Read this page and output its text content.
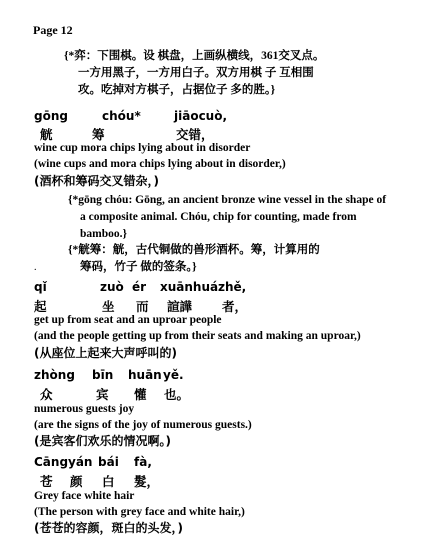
Page 12
{*弈：下围棋。设 棋盘，上画纵横线，361交叉点。
一方用黑子，一方用白子。双方用棋 子 互相围
攻。吃掉对方棋子，占据位子 多的胜。}
gōng	chóu*	jiāocuò,
觥	筹	交错，
wine cup mora chips lying about in disorder
(wine cups and mora chips lying about in disorder,)
(酒杯和筹码交叉错杂，)
{*gōng chóu: Gōng, an ancient bronze wine vessel in the shape of
a composite animal. Chóu, chip for counting, made from
bamboo.}
{*觥筹：觥，古代铜做的兽形酒杯。筹，计算用的
筹码，竹子 做的签条。}
.
qǐ	zuò ér xuānhuá zhě,
起	坐 而 諠譁 者，
get up from seat and an uproar people
(and the people getting up from their seats and making an uproar,)
(从座位上起来大声呼叫的)
zhòng bīn huān yě.
众	宾 懽 也。
numerous guests joy
(are the signs of the joy of numerous guests.)
(是宾客们欢乐的情况啊。)
Cāng yán bái fà,
苍 颜 白 髮，
Grey face white hair
(The person with grey face and white hair,)
(苍苍的容颜，斑白的头发，)
